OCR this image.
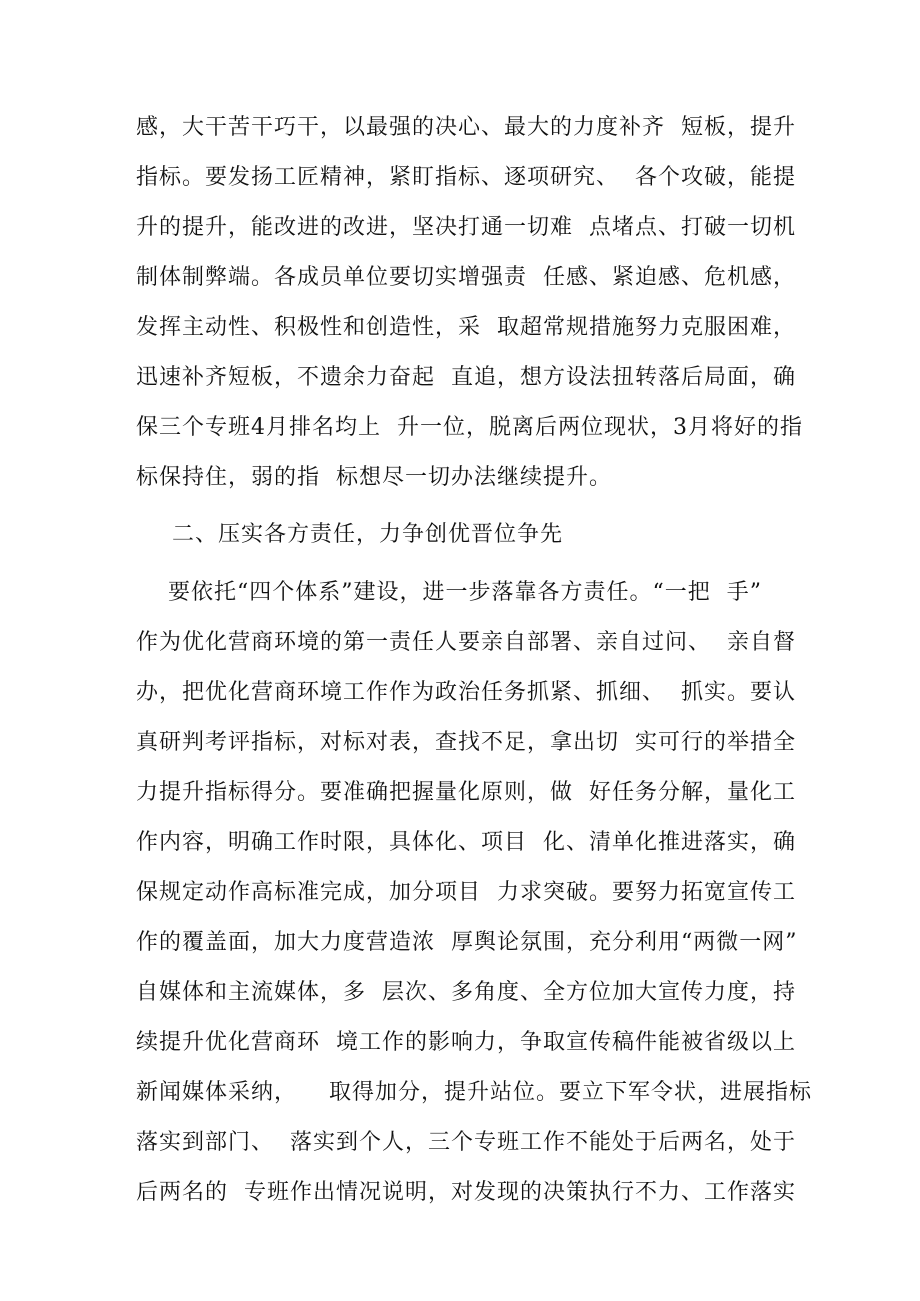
感，大干苦干巧干，以最强的决心、最大的力度补齐  短板，提升
指标。要发扬工匠精神，紧盯指标、逐项研究、  各个攻破，能提
升的提升，能改进的改进，坚决打通一切难  点堵点、打破一切机
制体制弊端。各成员单位要切实增强责  任感、紧迫感、危机感，
发挥主动性、积极性和创造性，采  取超常规措施努力克服困难，
迅速补齐短板，不遗余力奋起  直追，想方设法扭转落后局面，确
保三个专班4月排名均上  升一位，脱离后两位现状，3月将好的指
标保持住，弱的指  标想尽一切办法继续提升。
二、压实各方责任，力争创优晋位争先
要依托“四个体系”建设，进一步落靠各方责任。“一把  手”
作为优化营商环境的第一责任人要亲自部署、亲自过问、  亲自督
办，把优化营商环境工作作为政治任务抓紧、抓细、  抓实。要认
真研判考评指标，对标对表，查找不足，拿出切  实可行的举措全
力提升指标得分。要准确把握量化原则，做  好任务分解，量化工
作内容，明确工作时限，具体化、项目  化、清单化推进落实，确
保规定动作高标准完成，加分项目  力求突破。要努力拓宽宣传工
作的覆盖面，加大力度营造浓  厚舆论氛围，充分利用“两微一网”
自媒体和主流媒体，多  层次、多角度、全方位加大宣传力度，持
续提升优化营商环  境工作的影响力，争取宣传稿件能被省级以上
新闻媒体采纳，    取得加分，提升站位。要立下军令状，进展指标
落实到部门、  落实到个人，三个专班工作不能处于后两名，处于
后两名的  专班作出情况说明，对发现的决策执行不力、工作落实
